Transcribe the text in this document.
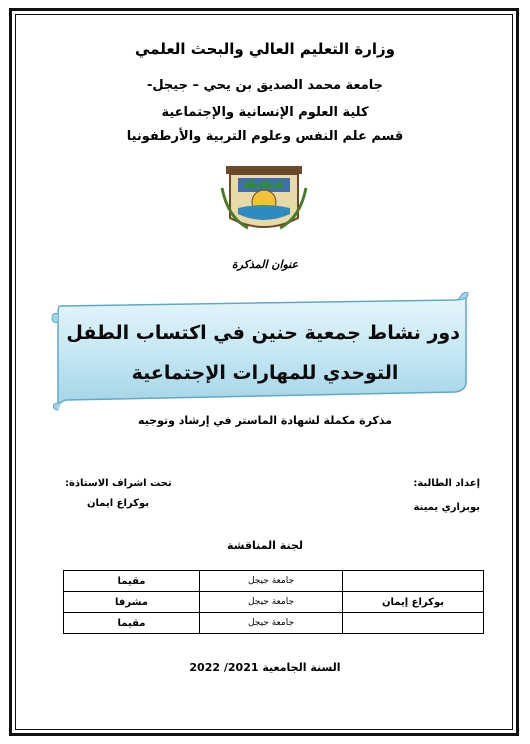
وزارة التعليم العالي والبحث العلمي
جامعة محمد الصديق بن يحي – جيجل-
كلية العلوم الإنسانية والإجتماعية
قسم علم النفس وعلوم التربية والأرطفونيا
عنوان المذكرة
دور نشاط جمعية حنين في اكتساب الطفل
التوحدي للمهارات الإجتماعية
مذكرة مكملة لشهادة الماستر في إرشاد وتوجيه
إعداد الطالبة:
بوبزاري يمينة
تحت اشراف الاستاذة:
بوكراع ايمان
لجنة المناقشة
	جامعة جيجل	مقيما
بوكراع إيمان	جامعة جيجل	مشرفا
	جامعة جيجل	مقيما
السنة الجامعية 2021/ 2022
